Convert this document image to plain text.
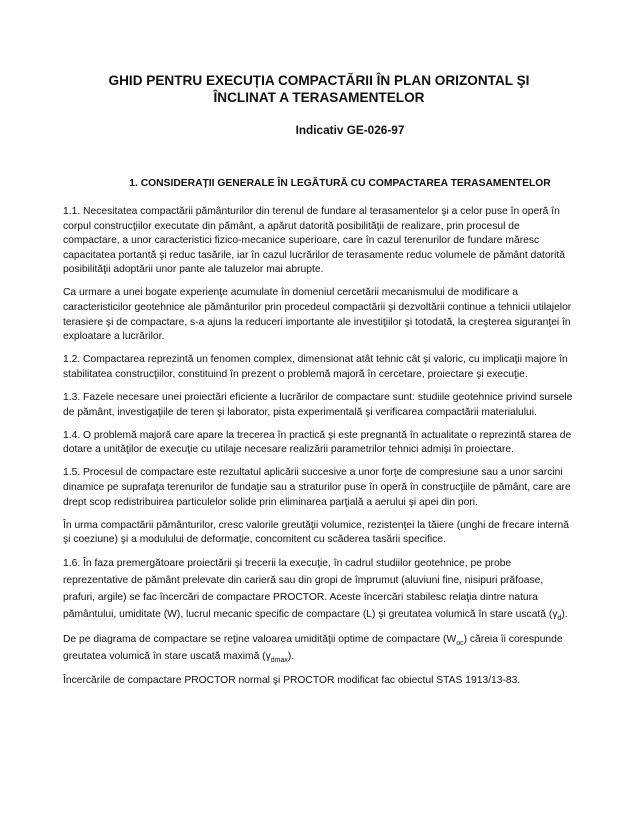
GHID PENTRU EXECUȚIA COMPACTĂRII ÎN PLAN ORIZONTAL ŞI
ÎNCLINAT A TERASAMENTELOR
Indicativ GE-026-97
1. CONSIDERAȚII GENERALE ÎN LEGĂTURĂ CU COMPACTAREA TERASAMENTELOR

1.1. Necesitatea compactării pământurilor din terenul de fundare al terasamentelor şi a celor puse în operă în corpul construcţiilor executate din pământ, a apărut datorită posibilităţii de realizare, prin procesul de compactare, a unor caracteristici fizico-mecanice superioare, care în cazul terenurilor de fundare măresc capacitatea portantă şi reduc tasările, iar în cazul lucrărilor de terasamente reduc volumele de pământ datorită posibilităţii adoptării unor pante ale taluzelor mai abrupte.

Ca urmare a unei bogate experienţe acumulate în domeniul cercetării mecanismului de modificare a caracteristicilor geotehnice ale pământurilor prin procedeul compactării şi dezvoltării continue a tehnicii utilajelor terasiere şi de compactare, s-a ajuns la reduceri importante ale investiţiilor şi totodată, la creşterea siguranţei în exploatare a lucrărilor.

1.2. Compactarea reprezintă un fenomen complex, dimensionat atât tehnic cât şi valoric, cu implicaţii majore în stabilitatea construcţiilor, constituind în prezent o problemă majoră în cercetare, proiectare şi execuţie.

1.3. Fazele necesare unei proiectări eficiente a lucrărilor de compactare sunt: studiile geotehnice privind sursele de pământ, investigaţiile de teren şi laborator, pista experimentală şi verificarea compactării materialului.

1.4. O problemă majoră care apare la trecerea în practică şi este pregnantă în actualitate o reprezintă starea de dotare a unităţilor de execuţie cu utilaje necesare realizării parametrilor tehnici admişi în proiectare.

1.5. Procesul de compactare este rezultatul aplicării succesive a unor forţe de compresiune sau a unor sarcini dinamice pe suprafaţa terenurilor de fundaţie sau a straturilor puse în operă în construcţiile de pământ, care are drept scop redistribuirea particulelor solide prin eliminarea parţială a aerului şi apei din pori.

În urma compactării pământurilor, cresc valorile greutăţii volumice, rezistenţei la tăiere (unghi de frecare internă şi coeziune) şi a modulului de deformaţie, concomitent cu scăderea tasării specifice.

1.6. În faza premergătoare proiectării şi trecerii la execuţie, în cadrul studiilor geotehnice, pe probe reprezentative de pământ prelevate din carieră sau din gropi de împrumut (aluviuni fine, nisipuri prăfoase, prafuri, argile) se fac încercări de compactare PROCTOR. Aceste încercări stabilesc relaţia dintre natura pământului, umiditate (W), lucrul mecanic specific de compactare (L) şi greutatea volumică în stare uscată $(\gamma_d)$.

De pe diagrama de compactare se reţine valoarea umidităţii optime de compactare $(W_{oc})$ căreia îi corespunde greutatea volumică în stare uscată maximă $(\gamma_{dmax})$.

Încercările de compactare PROCTOR normal şi PROCTOR modificat fac obiectul STAS 1913/13-83.
